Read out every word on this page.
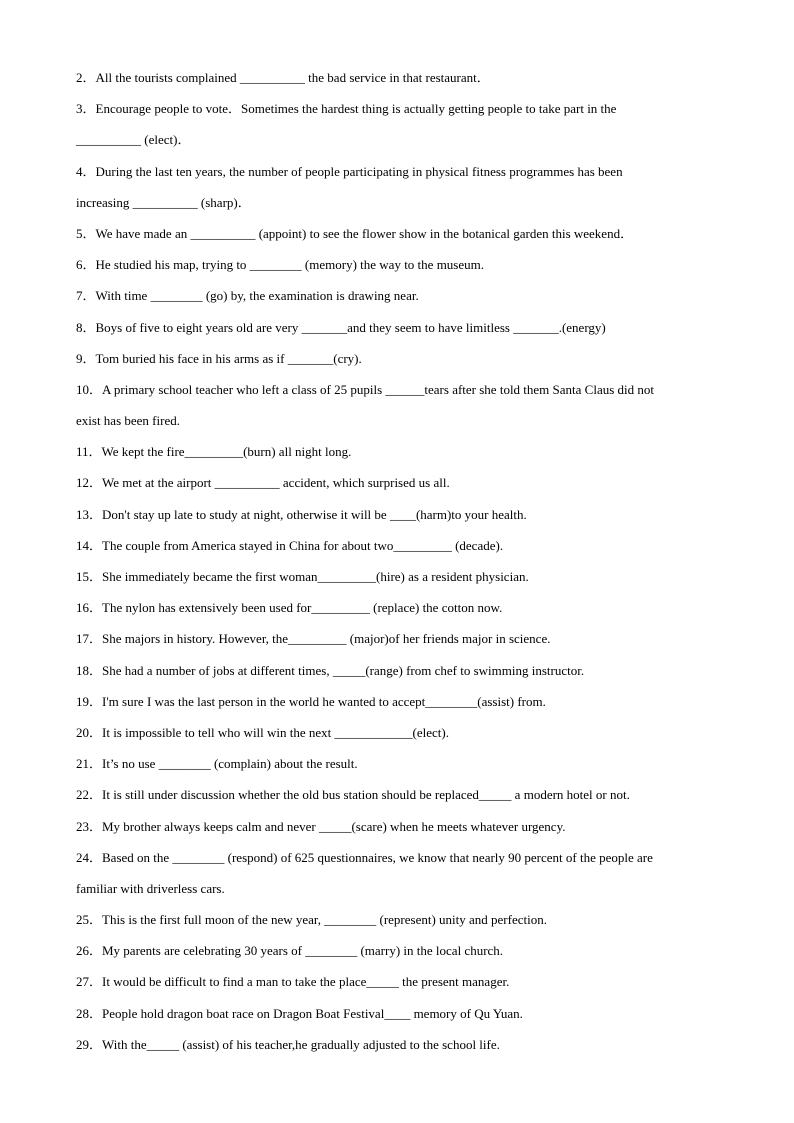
2．All the tourists complained __________ the bad service in that restaurant．
3．Encourage people to vote．Sometimes the hardest thing is actually getting people to take part in the
__________ (elect)．
4．During the last ten years, the number of people participating in physical fitness programmes has been
increasing __________ (sharp)．
5．We have made an __________ (appoint) to see the flower show in the botanical garden this weekend．
6．He studied his map, trying to ________ (memory) the way to the museum.
7．With time ________ (go) by, the examination is drawing near.
8．Boys of five to eight years old are very _______and they seem to have limitless _______.(energy)
9．Tom buried his face in his arms as if _______(cry).
10．A primary school teacher who left a class of 25 pupils ______tears after she told them Santa Claus did not
exist has been fired.
11．We kept the fire_________(burn) all night long.
12．We met at the airport __________ accident, which surprised us all.
13．Don't stay up late to study at night, otherwise it will be ____(harm)to your health.
14．The couple from America stayed in China for about two_________ (decade).
15．She immediately became the first woman_________(hire) as a resident physician.
16．The nylon has extensively been used for_________ (replace) the cotton now.
17．She majors in history. However, the_________ (major)of her friends major in science.
18．She had a number of jobs at different times, _____(range) from chef to swimming instructor.
19．I'm sure I was the last person in the world he wanted to accept________(assist) from.
20．It is impossible to tell who will win the next ____________(elect).
21．It’s no use ________ (complain) about the result.
22．It is still under discussion whether the old bus station should be replaced_____ a modern hotel or not.
23．My brother always keeps calm and never _____(scare) when he meets whatever urgency.
24．Based on the ________ (respond) of 625 questionnaires, we know that nearly 90 percent of the people are
familiar with driverless cars.
25．This is the first full moon of the new year, ________ (represent) unity and perfection.
26．My parents are celebrating 30 years of ________ (marry) in the local church.
27．It would be difficult to find a man to take the place_____ the present manager.
28．People hold dragon boat race on Dragon Boat Festival____ memory of Qu Yuan.
29．With the_____ (assist) of his teacher,he gradually adjusted to the school life.
